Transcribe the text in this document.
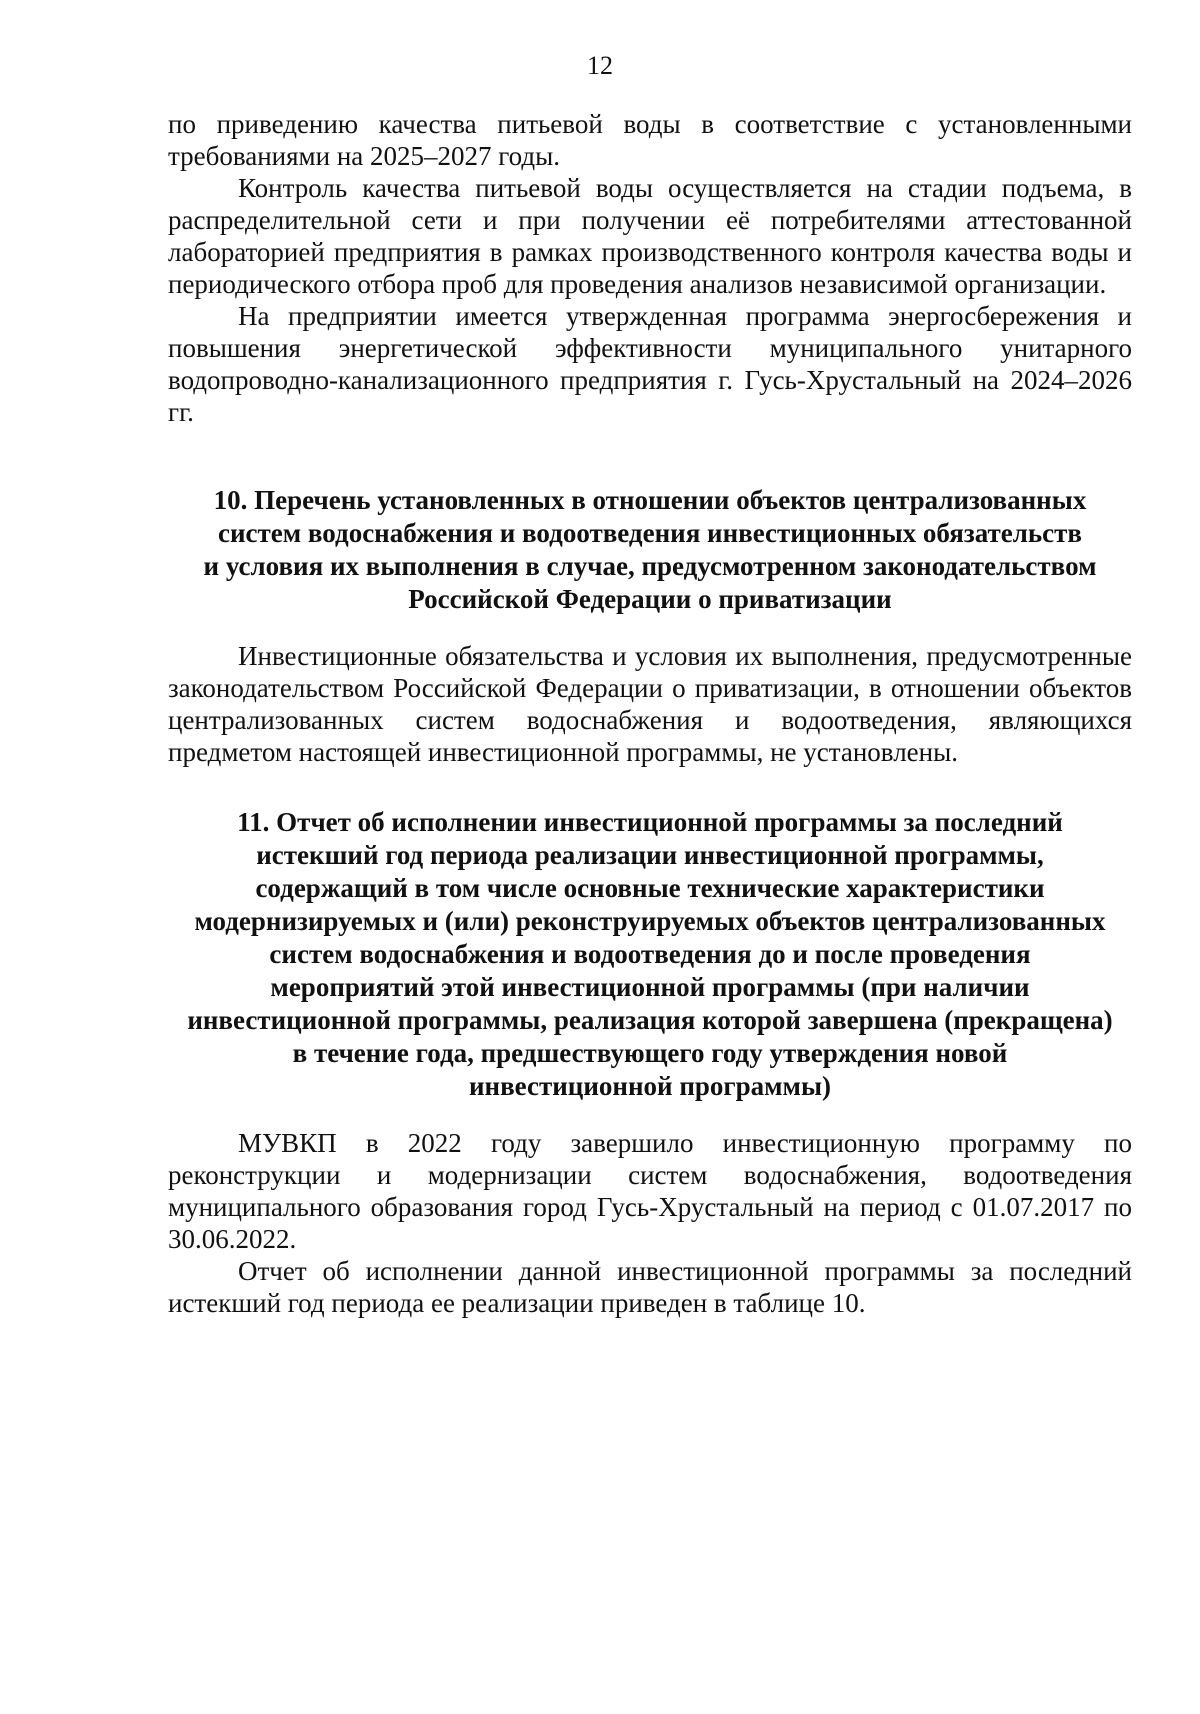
12

по приведению качества питьевой воды в соответствие с установленными требованиями на 2025–2027 годы.

Контроль качества питьевой воды осуществляется на стадии подъема, в распределительной сети и при получении её потребителями аттестованной лабораторией предприятия в рамках производственного контроля качества воды и периодического отбора проб для проведения анализов независимой организации.

На предприятии имеется утвержденная программа энергосбережения и повышения энергетической эффективности муниципального унитарного водопроводно-канализационного предприятия г. Гусь-Хрустальный на 2024–2026 гг.

10. Перечень установленных в отношении объектов централизованных
систем водоснабжения и водоотведения инвестиционных обязательств
и условия их выполнения в случае, предусмотренном законодательством
Российской Федерации о приватизации

Инвестиционные обязательства и условия их выполнения, предусмотренные законодательством Российской Федерации о приватизации, в отношении объектов централизованных систем водоснабжения и водоотведения, являющихся предметом настоящей инвестиционной программы, не установлены.

11. Отчет об исполнении инвестиционной программы за последний
истекший год периода реализации инвестиционной программы,
содержащий в том числе основные технические характеристики
модернизируемых и (или) реконструируемых объектов централизованных
систем водоснабжения и водоотведения до и после проведения
мероприятий этой инвестиционной программы (при наличии
инвестиционной программы, реализация которой завершена (прекращена)
в течение года, предшествующего году утверждения новой
инвестиционной программы)

МУВКП в 2022 году завершило инвестиционную программу по реконструкции и модернизации систем водоснабжения, водоотведения муниципального образования город Гусь-Хрустальный на период с 01.07.2017 по 30.06.2022.

Отчет об исполнении данной инвестиционной программы за последний истекший год периода ее реализации приведен в таблице 10.
